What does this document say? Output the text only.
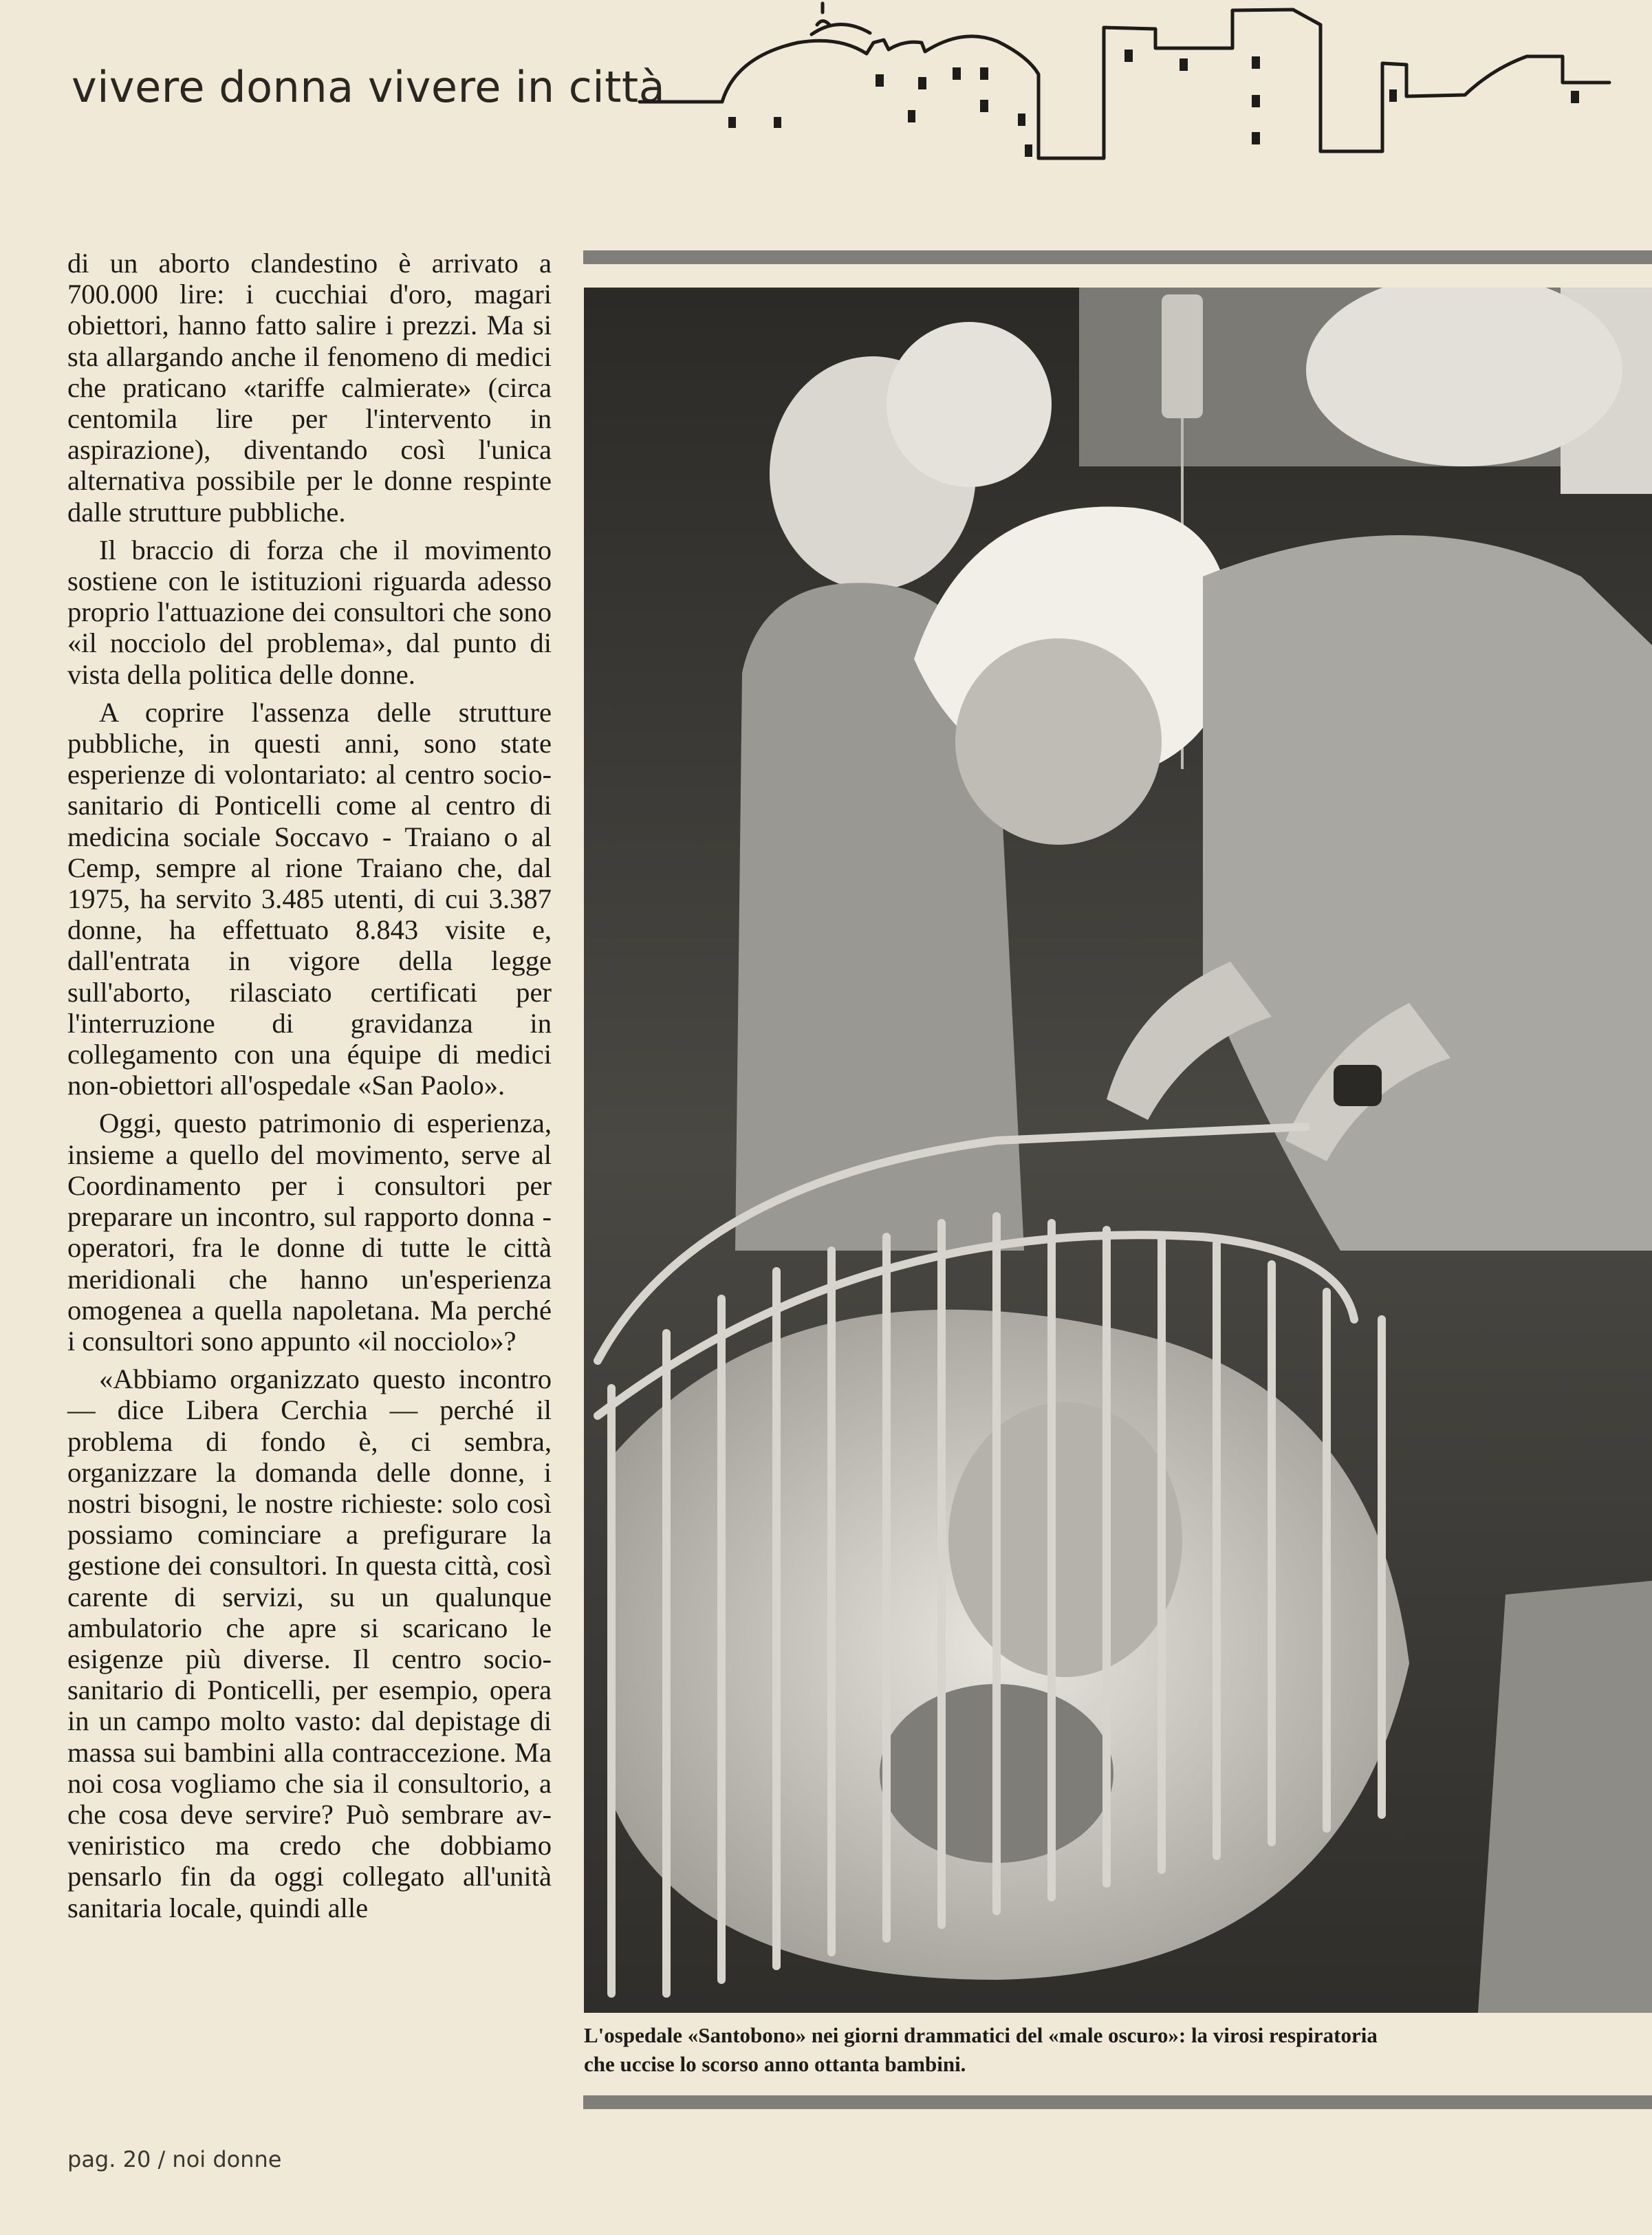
vivere donna vivere in città

di un aborto clandestino è arrivato a 700.000 lire: i cucchiai d'oro, magari obiettori, hanno fatto salire i prezzi. Ma si sta allargando anche il fenomeno di medici che praticano «tariffe calmierate» (circa centomila lire per l'intervento in aspirazione), diventando così l'unica alternativa possibile per le donne respinte dalle strutture pubbliche.

Il braccio di forza che il movimento sostiene con le istituzioni riguarda adesso proprio l'attuazione dei consultori che sono «il nocciolo del problema», dal punto di vista della politica delle donne.

A coprire l'assenza delle strutture pubbliche, in questi anni, sono state esperienze di volontariato: al centro socio-sanitario di Ponticelli come al centro di medicina sociale Soccavo - Traiano o al Cemp, sempre al rione Traiano che, dal 1975, ha servito 3.485 utenti, di cui 3.387 donne, ha effettuato 8.843 visite e, dall'entrata in vigore della legge sull'aborto, rilasciato certificati per l'interruzione di gravidanza in collegamento con una équipe di medici non-obiettori all'ospedale «San Paolo».

Oggi, questo patrimonio di esperienza, insieme a quello del movimento, serve al Coordinamento per i consultori per preparare un incontro, sul rapporto donna - operatori, fra le donne di tutte le città meridionali che hanno un'esperienza omogenea a quella napoletana. Ma perché i consultori sono appunto «il nocciolo»?

«Abbiamo organizzato questo incontro — dice Libera Cerchia — perché il problema di fondo è, ci sembra, organizzare la domanda delle donne, i nostri bisogni, le nostre richieste: solo così possiamo cominciare a prefigurare la gestione dei consultori. In questa città, così carente di servizi, su un qualunque ambulatorio che apre si scaricano le esigenze più diverse. Il centro socio-sanitario di Ponticelli, per esempio, opera in un campo molto vasto: dal depistage di massa sui bambini alla contraccezione. Ma noi cosa vogliamo che sia il consultorio, a che cosa deve servire? Può sembrare avveniristico ma credo che dobbiamo pensarlo fin da oggi collegato all'unità sanitaria locale, quindi alle

L'ospedale «Santobono» nei giorni drammatici del «male oscuro»: la virosi respiratoria
che uccise lo scorso anno ottanta bambini.
pag. 20 / noi donne
